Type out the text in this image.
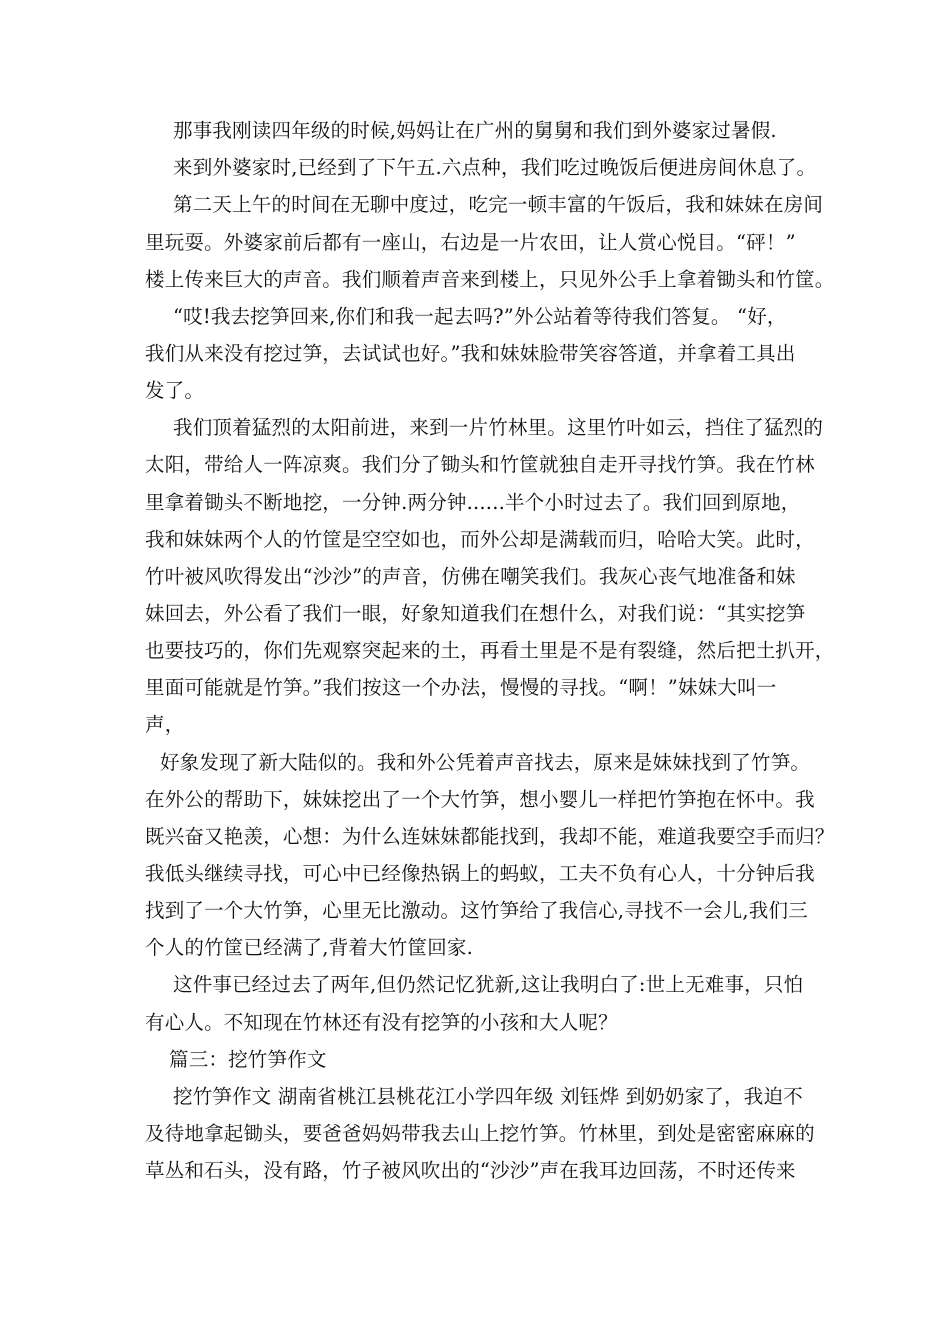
那事我刚读四年级的时候,妈妈让在广州的舅舅和我们到外婆家过暑假.
来到外婆家时,已经到了下午五.六点种，我们吃过晚饭后便进房间休息了。
第二天上午的时间在无聊中度过，吃完一顿丰富的午饭后，我和妹妹在房间
里玩耍。外婆家前后都有一座山，右边是一片农田，让人赏心悦目。“砰！”
楼上传来巨大的声音。我们顺着声音来到楼上，只见外公手上拿着锄头和竹筐。
“哎!我去挖笋回来,你们和我一起去吗?”外公站着等待我们答复。 “好，
我们从来没有挖过笋，去试试也好。”我和妹妹脸带笑容答道，并拿着工具出
发了。
我们顶着猛烈的太阳前进，来到一片竹林里。这里竹叶如云，挡住了猛烈的
太阳，带给人一阵凉爽。我们分了锄头和竹筐就独自走开寻找竹笋。我在竹林
里拿着锄头不断地挖，一分钟.两分钟......半个小时过去了。我们回到原地，
我和妹妹两个人的竹筐是空空如也，而外公却是满载而归，哈哈大笑。此时，
竹叶被风吹得发出“沙沙”的声音，仿佛在嘲笑我们。我灰心丧气地准备和妹
妹回去，外公看了我们一眼，好象知道我们在想什么，对我们说：“其实挖笋
也要技巧的，你们先观察突起来的土，再看土里是不是有裂缝，然后把土扒开，
里面可能就是竹笋。”我们按这一个办法，慢慢的寻找。“啊！”妹妹大叫一
声，
好象发现了新大陆似的。我和外公凭着声音找去，原来是妹妹找到了竹笋。
在外公的帮助下，妹妹挖出了一个大竹笋，想小婴儿一样把竹笋抱在怀中。我
既兴奋又艳羡，心想：为什么连妹妹都能找到，我却不能，难道我要空手而归？
我低头继续寻找，可心中已经像热锅上的蚂蚁，工夫不负有心人，十分钟后我
找到了一个大竹笋，心里无比激动。这竹笋给了我信心,寻找不一会儿,我们三
个人的竹筐已经满了,背着大竹筐回家.
这件事已经过去了两年,但仍然记忆犹新,这让我明白了:世上无难事，只怕
有心人。不知现在竹林还有没有挖笋的小孩和大人呢？
篇三：挖竹笋作文
挖竹笋作文 湖南省桃江县桃花江小学四年级 刘钰烨 到奶奶家了，我迫不
及待地拿起锄头，要爸爸妈妈带我去山上挖竹笋。竹林里，到处是密密麻麻的
草丛和石头，没有路，竹子被风吹出的“沙沙”声在我耳边回荡，不时还传来
